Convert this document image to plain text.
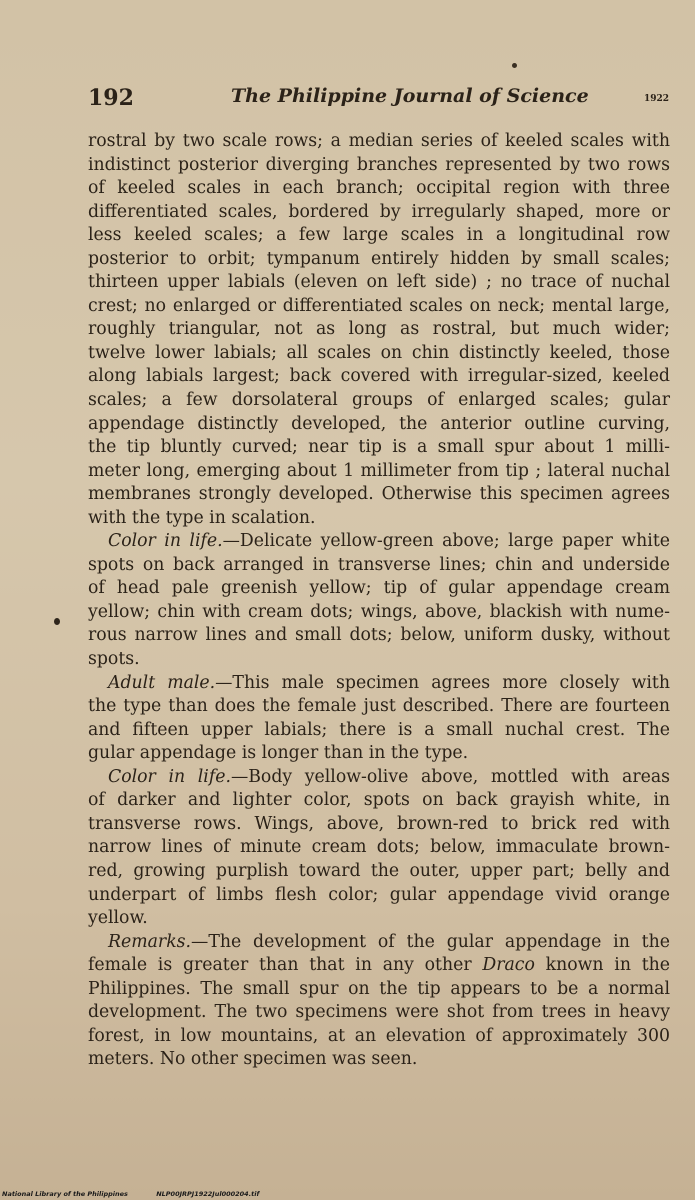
192	The Philippine Journal of Science	1922

rostral by two scale rows; a median series of keeled scales with

indistinct posterior diverging branches represented by two rows

of keeled scales in each branch; occipital region with three

differentiated scales, bordered by irregularly shaped, more or

less keeled scales; a few large scales in a longitudinal row

posterior to orbit; tympanum entirely hidden by small scales;

thirteen upper labials (eleven on left side) ; no trace of nuchal

crest; no enlarged or differentiated scales on neck; mental large,

roughly triangular, not as long as rostral, but much wider;

twelve lower labials; all scales on chin distinctly keeled, those

along labials largest; back covered with irregular-sized, keeled

scales; a few dorsolateral groups of enlarged scales; gular

appendage distinctly developed, the anterior outline curving,

the tip bluntly curved; near tip is a small spur about 1 milli-

meter long, emerging about 1 millimeter from tip ; lateral nuchal

membranes strongly developed. Otherwise this specimen agrees

with the type in scalation.

Color in life.—Delicate yellow-green above; large paper white

spots on back arranged in transverse lines; chin and underside

of head pale greenish yellow; tip of gular appendage cream

yellow; chin with cream dots; wings, above, blackish with nume-

rous narrow lines and small dots; below, uniform dusky, without

spots.

Adult male.—This male specimen agrees more closely with

the type than does the female just described. There are fourteen

and fifteen upper labials; there is a small nuchal crest. The

gular appendage is longer than in the type.

Color in life.—Body yellow-olive above, mottled with areas

of darker and lighter color, spots on back grayish white, in

transverse rows. Wings, above, brown-red to brick red with

narrow lines of minute cream dots; below, immaculate brown-

red, growing purplish toward the outer, upper part; belly and

underpart of limbs flesh color; gular appendage vivid orange

yellow.

Remarks.—The development of the gular appendage in the

female is greater than that in any other Draco known in the

Philippines. The small spur on the tip appears to be a normal

development. The two specimens were shot from trees in heavy

forest, in low mountains, at an elevation of approximately 300

meters. No other specimen was seen.

National Library of the Philippines	NLP00JRPJ1922Jul000204.tif
